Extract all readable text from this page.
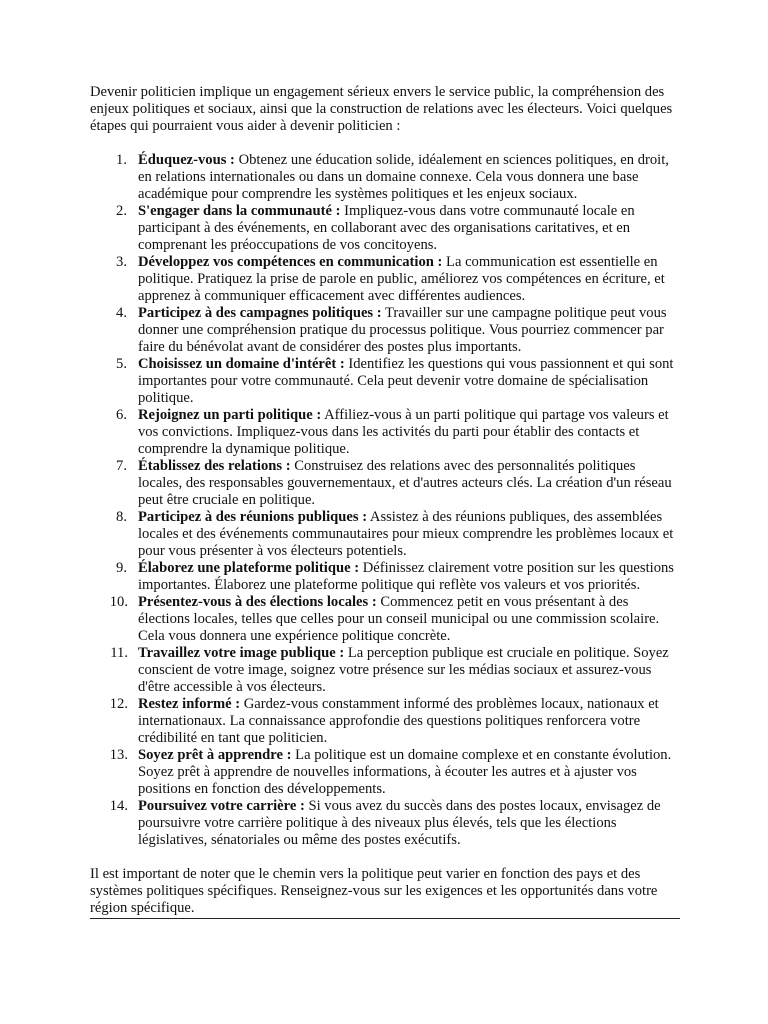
Devenir politicien implique un engagement sérieux envers le service public, la compréhension des enjeux politiques et sociaux, ainsi que la construction de relations avec les électeurs. Voici quelques étapes qui pourraient vous aider à devenir politicien :

1. Éduquez-vous : Obtenez une éducation solide, idéalement en sciences politiques, en droit, en relations internationales ou dans un domaine connexe. Cela vous donnera une base académique pour comprendre les systèmes politiques et les enjeux sociaux.
2. S'engager dans la communauté : Impliquez-vous dans votre communauté locale en participant à des événements, en collaborant avec des organisations caritatives, et en comprenant les préoccupations de vos concitoyens.
3. Développez vos compétences en communication : La communication est essentielle en politique. Pratiquez la prise de parole en public, améliorez vos compétences en écriture, et apprenez à communiquer efficacement avec différentes audiences.
4. Participez à des campagnes politiques : Travailler sur une campagne politique peut vous donner une compréhension pratique du processus politique. Vous pourriez commencer par faire du bénévolat avant de considérer des postes plus importants.
5. Choisissez un domaine d'intérêt : Identifiez les questions qui vous passionnent et qui sont importantes pour votre communauté. Cela peut devenir votre domaine de spécialisation politique.
6. Rejoignez un parti politique : Affiliez-vous à un parti politique qui partage vos valeurs et vos convictions. Impliquez-vous dans les activités du parti pour établir des contacts et comprendre la dynamique politique.
7. Établissez des relations : Construisez des relations avec des personnalités politiques locales, des responsables gouvernementaux, et d'autres acteurs clés. La création d'un réseau peut être cruciale en politique.
8. Participez à des réunions publiques : Assistez à des réunions publiques, des assemblées locales et des événements communautaires pour mieux comprendre les problèmes locaux et pour vous présenter à vos électeurs potentiels.
9. Élaborez une plateforme politique : Définissez clairement votre position sur les questions importantes. Élaborez une plateforme politique qui reflète vos valeurs et vos priorités.
10. Présentez-vous à des élections locales : Commencez petit en vous présentant à des élections locales, telles que celles pour un conseil municipal ou une commission scolaire. Cela vous donnera une expérience politique concrète.
11. Travaillez votre image publique : La perception publique est cruciale en politique. Soyez conscient de votre image, soignez votre présence sur les médias sociaux et assurez-vous d'être accessible à vos électeurs.
12. Restez informé : Gardez-vous constamment informé des problèmes locaux, nationaux et internationaux. La connaissance approfondie des questions politiques renforcera votre crédibilité en tant que politicien.
13. Soyez prêt à apprendre : La politique est un domaine complexe et en constante évolution. Soyez prêt à apprendre de nouvelles informations, à écouter les autres et à ajuster vos positions en fonction des développements.
14. Poursuivez votre carrière : Si vous avez du succès dans des postes locaux, envisagez de poursuivre votre carrière politique à des niveaux plus élevés, tels que les élections législatives, sénatoriales ou même des postes exécutifs.

Il est important de noter que le chemin vers la politique peut varier en fonction des pays et des systèmes politiques spécifiques. Renseignez-vous sur les exigences et les opportunités dans votre région spécifique.
